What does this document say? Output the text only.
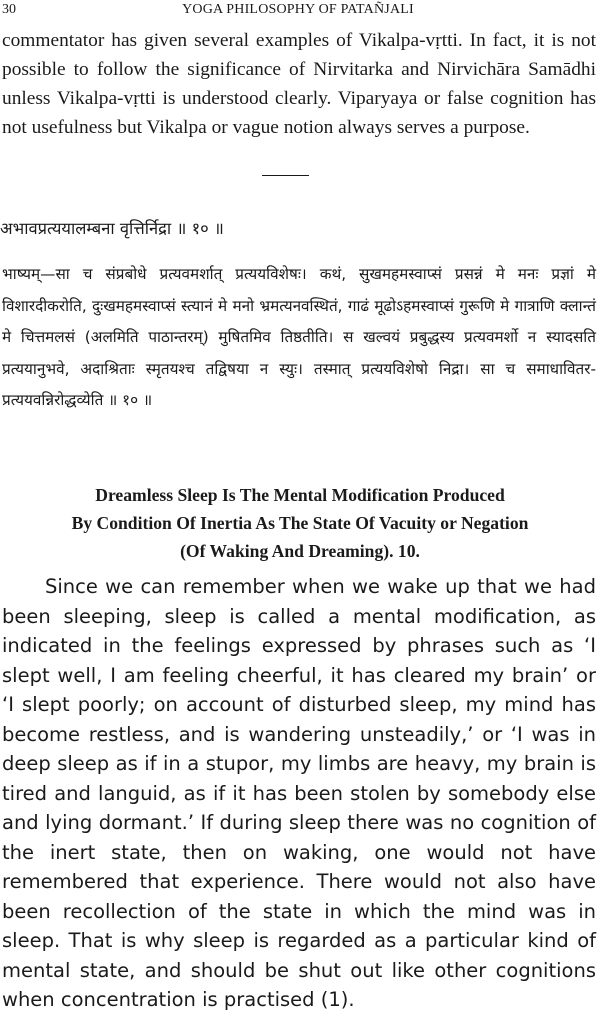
30	YOGA PHILOSOPHY OF PATAÑJALI

commentator has given several examples of Vikalpa-vṛtti. In fact, it is not possible to follow the significance of Nirvitarka and Nirvichāra Samādhi unless Vikalpa-vṛtti is understood clearly. Viparyaya or false cognition has not usefulness but Vikalpa or vague notion always serves a purpose.

अभावप्रत्ययालम्बना वृत्तिर्निद्रा ॥ १० ॥

भाष्यम्—सा च संप्रबोधे प्रत्यवमर्शात् प्रत्ययविशेषः। कथं, सुखमहमस्वाप्सं प्रसन्नं मे मनः प्रज्ञां मे विशारदीकरोति, दुःखमहमस्वाप्सं स्त्यानं मे मनो भ्रमत्यनवस्थितं, गाढं मूढोऽहमस्वाप्सं गुरूणि मे गात्राणि क्लान्तं मे चित्तमलसं (अलमिति पाठान्तरम्) मुषितमिव तिष्ठतीति। स खल्वयं प्रबुद्धस्य प्रत्यवमर्शो न स्यादसति प्रत्ययानुभवे, अदाश्रिताः स्मृतयश्च तद्विषया न स्युः। तस्मात् प्रत्ययविशेषो निद्रा। सा च समाधावितर-प्रत्ययवन्निरोद्धव्येति ॥ १० ॥

Dreamless Sleep Is The Mental Modification Produced
By Condition Of Inertia As The State Of Vacuity or Negation
(Of Waking And Dreaming). 10.

Since we can remember when we wake up that we had been sleeping, sleep is called a mental modification, as indicated in the feelings expressed by phrases such as ‘I slept well, I am feeling cheerful, it has cleared my brain’ or ‘I slept poorly; on account of disturbed sleep, my mind has become restless, and is wandering unsteadily,’ or ‘I was in deep sleep as if in a stupor, my limbs are heavy, my brain is tired and languid, as if it has been stolen by somebody else and lying dormant.’ If during sleep there was no cognition of the inert state, then on waking, one would not have remembered that experience. There would not also have been recollection of the state in which the mind was in sleep. That is why sleep is regarded as a particular kind of mental state, and should be shut out like other cognitions when concentration is practised (1).
